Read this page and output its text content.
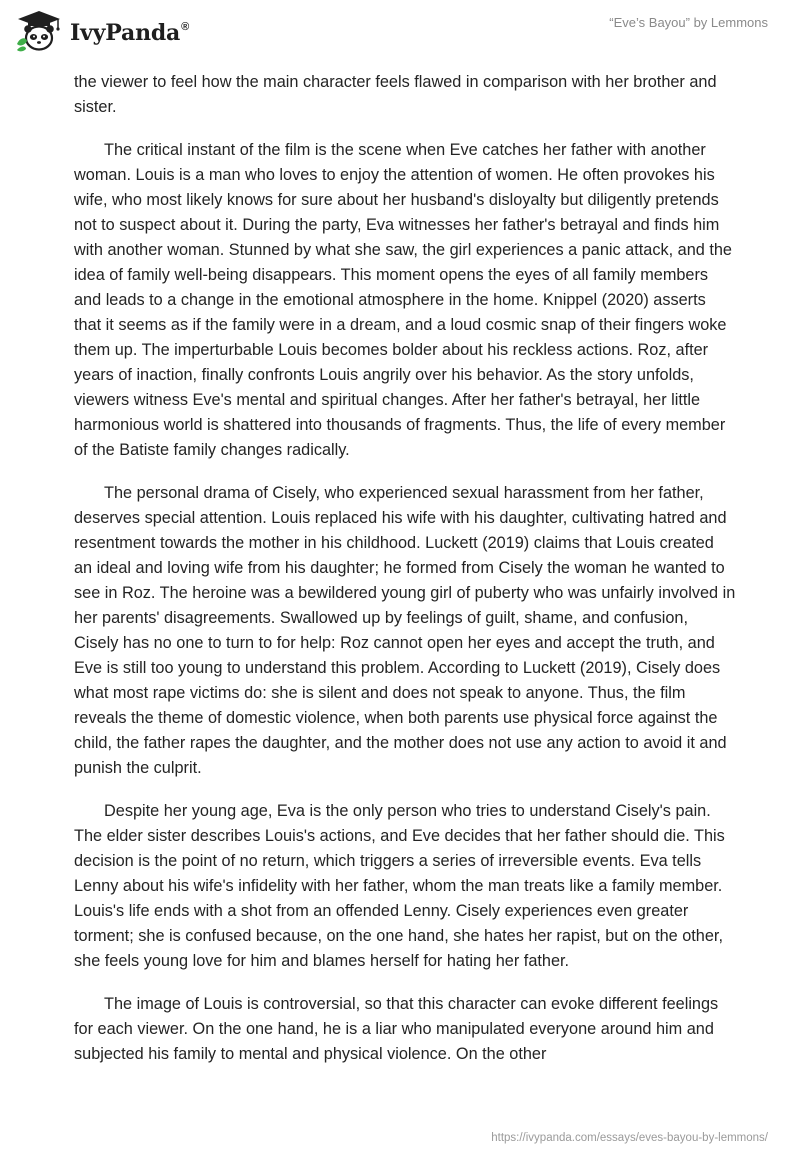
IvyPanda®	“Eve’s Bayou” by Lemmons

the viewer to feel how the main character feels flawed in comparison with her brother and sister.

The critical instant of the film is the scene when Eve catches her father with another woman. Louis is a man who loves to enjoy the attention of women. He often provokes his wife, who most likely knows for sure about her husband's disloyalty but diligently pretends not to suspect about it. During the party, Eva witnesses her father's betrayal and finds him with another woman. Stunned by what she saw, the girl experiences a panic attack, and the idea of family well-being disappears. This moment opens the eyes of all family members and leads to a change in the emotional atmosphere in the home. Knippel (2020) asserts that it seems as if the family were in a dream, and a loud cosmic snap of their fingers woke them up. The imperturbable Louis becomes bolder about his reckless actions. Roz, after years of inaction, finally confronts Louis angrily over his behavior. As the story unfolds, viewers witness Eve's mental and spiritual changes. After her father's betrayal, her little harmonious world is shattered into thousands of fragments. Thus, the life of every member of the Batiste family changes radically.

The personal drama of Cisely, who experienced sexual harassment from her father, deserves special attention. Louis replaced his wife with his daughter, cultivating hatred and resentment towards the mother in his childhood. Luckett (2019) claims that Louis created an ideal and loving wife from his daughter; he formed from Cisely the woman he wanted to see in Roz. The heroine was a bewildered young girl of puberty who was unfairly involved in her parents' disagreements. Swallowed up by feelings of guilt, shame, and confusion, Cisely has no one to turn to for help: Roz cannot open her eyes and accept the truth, and Eve is still too young to understand this problem. According to Luckett (2019), Cisely does what most rape victims do: she is silent and does not speak to anyone. Thus, the film reveals the theme of domestic violence, when both parents use physical force against the child, the father rapes the daughter, and the mother does not use any action to avoid it and punish the culprit.

Despite her young age, Eva is the only person who tries to understand Cisely's pain. The elder sister describes Louis's actions, and Eve decides that her father should die. This decision is the point of no return, which triggers a series of irreversible events. Eva tells Lenny about his wife's infidelity with her father, whom the man treats like a family member. Louis's life ends with a shot from an offended Lenny. Cisely experiences even greater torment; she is confused because, on the one hand, she hates her rapist, but on the other, she feels young love for him and blames herself for hating her father.

The image of Louis is controversial, so that this character can evoke different feelings for each viewer. On the one hand, he is a liar who manipulated everyone around him and subjected his family to mental and physical violence. On the other

https://ivypanda.com/essays/eves-bayou-by-lemmons/
